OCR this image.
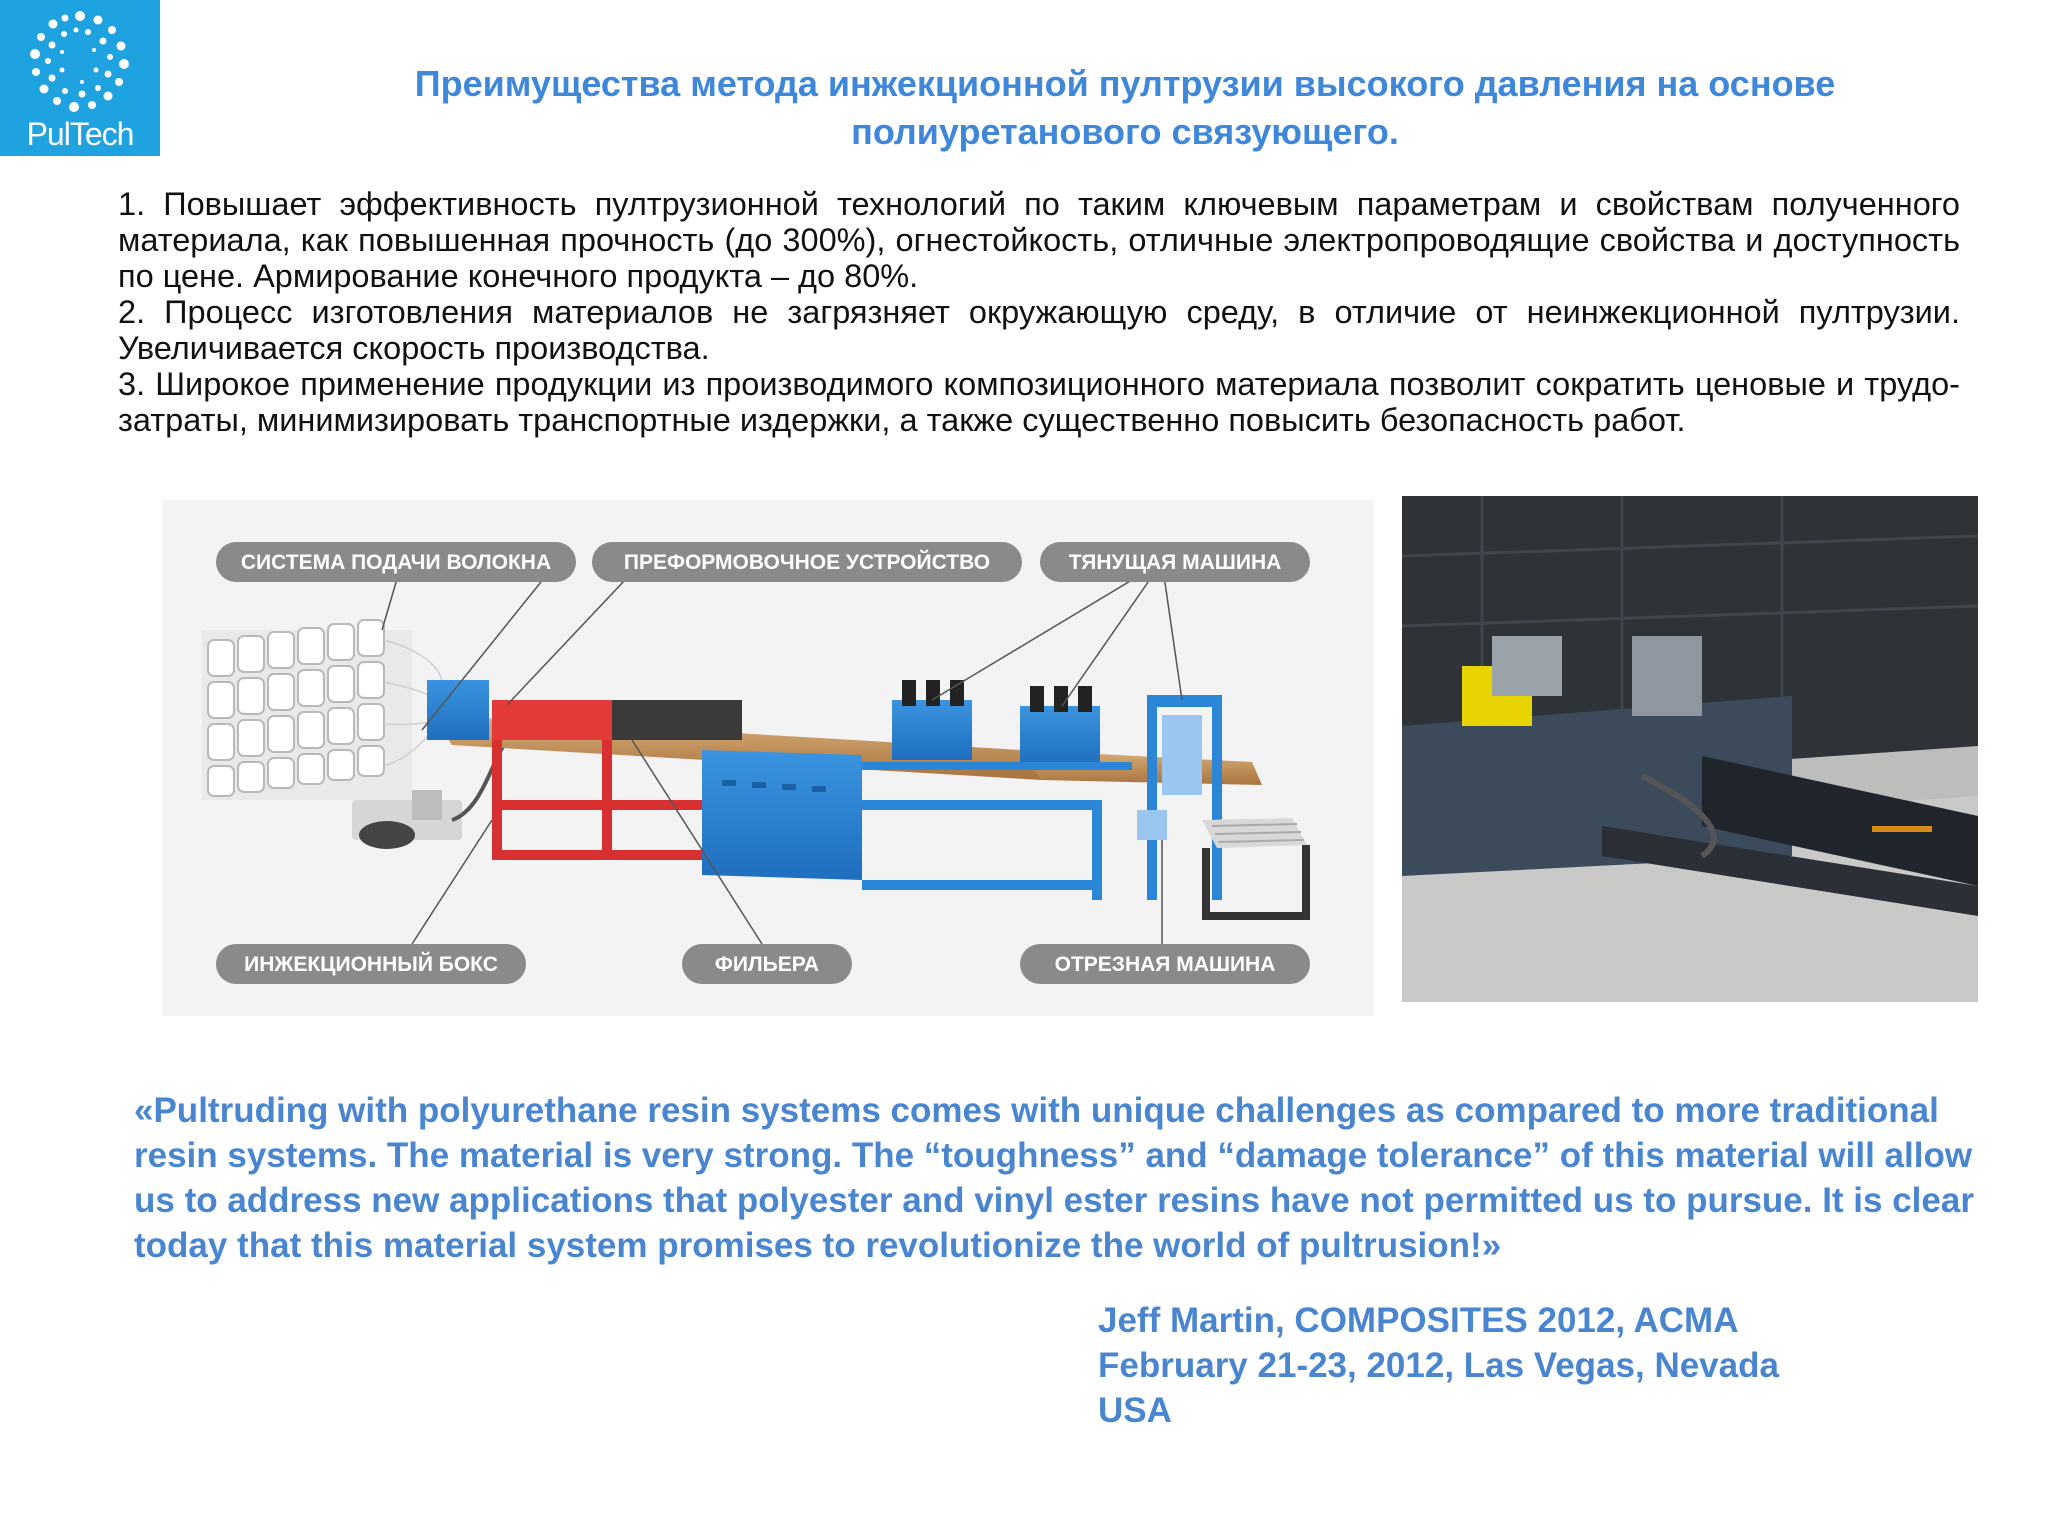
PulTech
Преимущества метода инжекционной пултрузии высокого давления на основе полиуретанового связующего.

1. Повышает эффективность пултрузионной технологий по таким ключевым параметрам и свойствам полученного материала, как повышенная прочность (до 300%), огнестойкость, отличные электропроводящие свойства и доступность по цене. Армирование конечного продукта – до 80%.

2. Процесс изготовления материалов не загрязняет окружающую среду, в отличие от неинжекционной пултрузии. Увеличивается скорость производства.

3. Широкое применение продукции из производимого композиционного материала позволит сократить ценовые и трудо- затраты, минимизировать транспортные издержки, а также существенно повысить безопасность работ.

СИСТЕМА ПОДАЧИ ВОЛОКНА	ПРЕФОРМОВОЧНОЕ УСТРОЙСТВО	ТЯНУЩАЯ МАШИНА
ИНЖЕКЦИОННЫЙ БОКС	ФИЛЬЕРА	ОТРЕЗНАЯ МАШИНА
«Pultruding with polyurethane resin systems comes with unique challenges as compared to more traditional resin systems. The material is very strong. The “toughness” and “damage tolerance” of this material will allow us to address new applications that polyester and vinyl ester resins have not permitted us to pursue. It is clear today that this material system promises to revolutionize the world of pultrusion!»
Jeff Martin, COMPOSITES 2012, ACMA
February 21-23, 2012, Las Vegas, Nevada
USA
